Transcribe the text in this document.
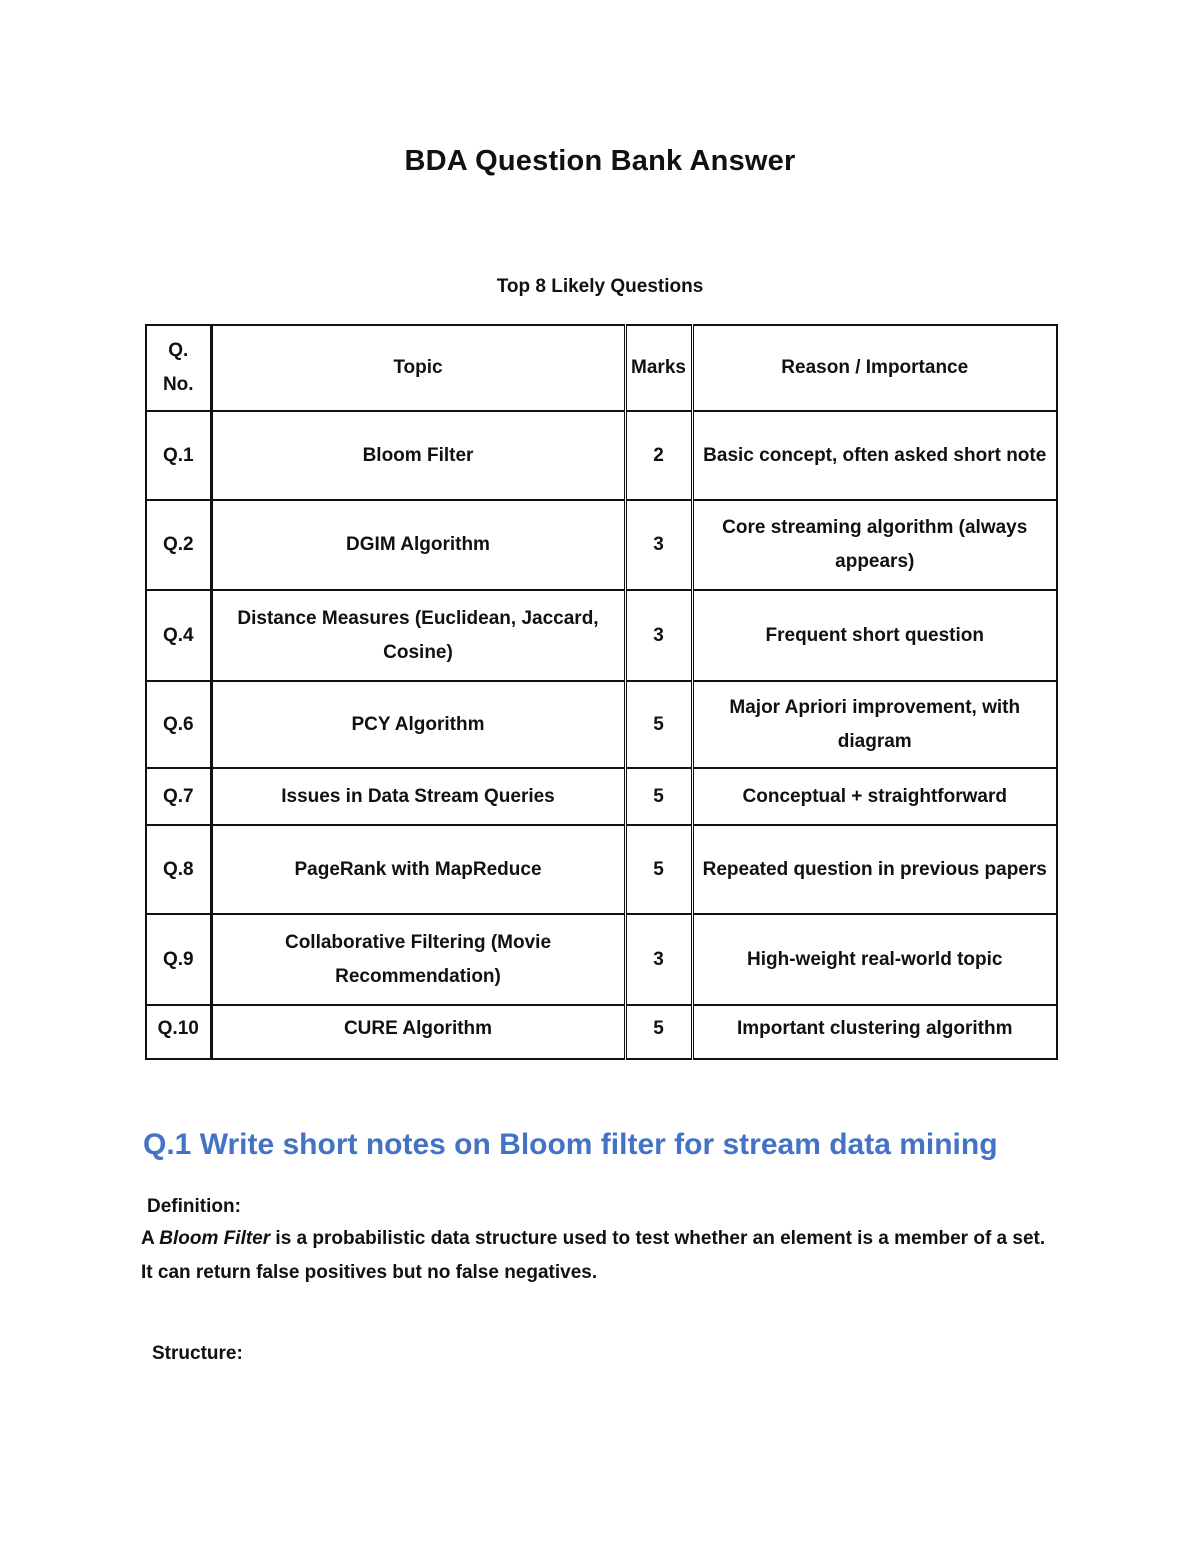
BDA Question Bank Answer
Top 8 Likely Questions
Q. No.	Topic	Marks	Reason / Importance
Q.1	Bloom Filter	2	Basic concept, often asked short note
Q.2	DGIM Algorithm	3	Core streaming algorithm (always appears)
Q.4	Distance Measures (Euclidean, Jaccard, Cosine)	3	Frequent short question
Q.6	PCY Algorithm	5	Major Apriori improvement, with diagram
Q.7	Issues in Data Stream Queries	5	Conceptual + straightforward
Q.8	PageRank with MapReduce	5	Repeated question in previous papers
Q.9	Collaborative Filtering (Movie Recommendation)	3	High-weight real-world topic
Q.10	CURE Algorithm	5	Important clustering algorithm
Q.1 Write short notes on Bloom filter for stream data mining
Definition:

A Bloom Filter is a probabilistic data structure used to test whether an element is a member of a set.

It can return false positives but no false negatives.

Structure:
